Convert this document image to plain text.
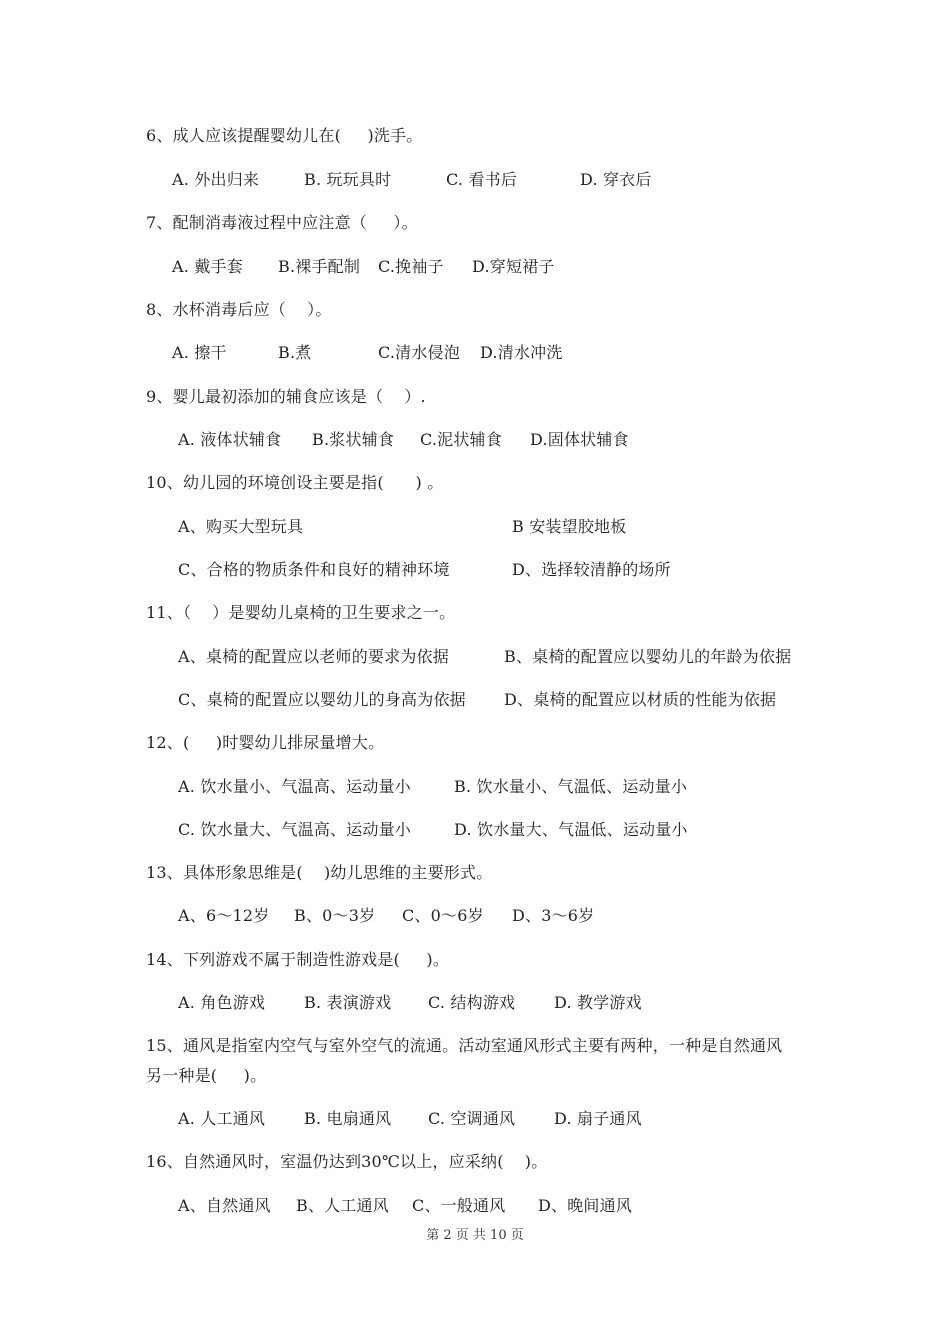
6、成人应该提醒婴幼儿在(     )洗手。
A. 外出归来	B. 玩玩具时	C. 看书后	D. 穿衣后
7、配制消毒液过程中应注意（     ）。
A. 戴手套 B.裸手配制 C.挽袖子 D.穿短裙子
8、水杯消毒后应（    ）。
A. 擦干	B.煮	C.清水侵泡 D.清水冲洗
9、婴儿最初添加的辅食应该是（    ）.
A. 液体状辅食 B.浆状辅食 C.泥状辅食 D.固体状辅食
10、幼儿园的环境创设主要是指(      ) 。
A、购买大型玩具	B 安装望胶地板
C、合格的物质条件和良好的精神环境	D、选择较清静的场所
11、（    ）是婴幼儿桌椅的卫生要求之一。
A、桌椅的配置应以老师的要求为依据	B、桌椅的配置应以婴幼儿的年龄为依据
C、桌椅的配置应以婴幼儿的身高为依据 D、桌椅的配置应以材质的性能为依据
12、(     )时婴幼儿排尿量增大。
A. 饮水量小、气温高、运动量小	B. 饮水量小、气温低、运动量小
C. 饮水量大、气温高、运动量小	D. 饮水量大、气温低、运动量小
13、具体形象思维是(    )幼儿思维的主要形式。
A、6～12岁 B、0～3岁 C、0～6岁 D、3～6岁
14、下列游戏不属于制造性游戏是(     )。
A. 角色游戏 B. 表演游戏 C. 结构游戏 D. 教学游戏
15、通风是指室内空气与室外空气的流通。活动室通风形式主要有两种，一种是自然通风
另一种是(     )。
A. 人工通风 B. 电扇通风 C. 空调通风 D. 扇子通风
16、自然通风时，室温仍达到30℃以上，应采纳(    )。
A、自然通风 B、人工通风 C、一般通风 D、晚间通风
第 2 页 共 10 页
